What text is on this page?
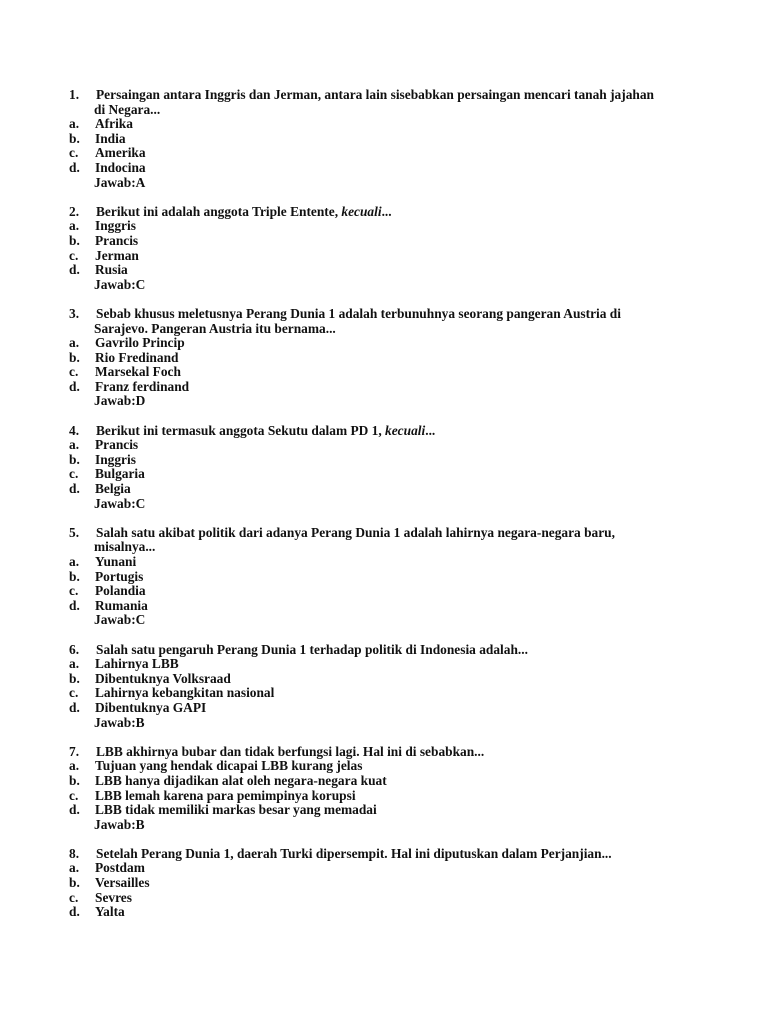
1. Persaingan antara Inggris dan Jerman, antara lain sisebabkan persaingan mencari tanah jajahan
di Negara...
a. Afrika
b. India
c. Amerika
d. Indocina
Jawab:A
2. Berikut ini adalah anggota Triple Entente, kecuali...
a. Inggris
b. Prancis
c. Jerman
d. Rusia
Jawab:C
3. Sebab khusus meletusnya Perang Dunia 1 adalah terbunuhnya seorang pangeran Austria di
Sarajevo. Pangeran Austria itu bernama...
a. Gavrilo Princip
b. Rio Fredinand
c. Marsekal Foch
d. Franz ferdinand
Jawab:D
4. Berikut ini termasuk anggota Sekutu dalam PD 1, kecuali...
a. Prancis
b. Inggris
c. Bulgaria
d. Belgia
Jawab:C
5. Salah satu akibat politik dari adanya Perang Dunia 1 adalah lahirnya negara-negara baru,
misalnya...
a. Yunani
b. Portugis
c. Polandia
d. Rumania
Jawab:C
6. Salah satu pengaruh Perang Dunia 1 terhadap politik di Indonesia adalah...
a. Lahirnya LBB
b. Dibentuknya Volksraad
c. Lahirnya kebangkitan nasional
d. Dibentuknya GAPI
Jawab:B
7. LBB akhirnya bubar dan tidak berfungsi lagi. Hal ini di sebabkan...
a. Tujuan yang hendak dicapai LBB kurang jelas
b. LBB hanya dijadikan alat oleh negara-negara kuat
c. LBB lemah karena para pemimpinya korupsi
d. LBB tidak memiliki markas besar yang memadai
Jawab:B
8. Setelah Perang Dunia 1, daerah Turki dipersempit. Hal ini diputuskan dalam Perjanjian...
a. Postdam
b. Versailles
c. Sevres
d. Yalta
